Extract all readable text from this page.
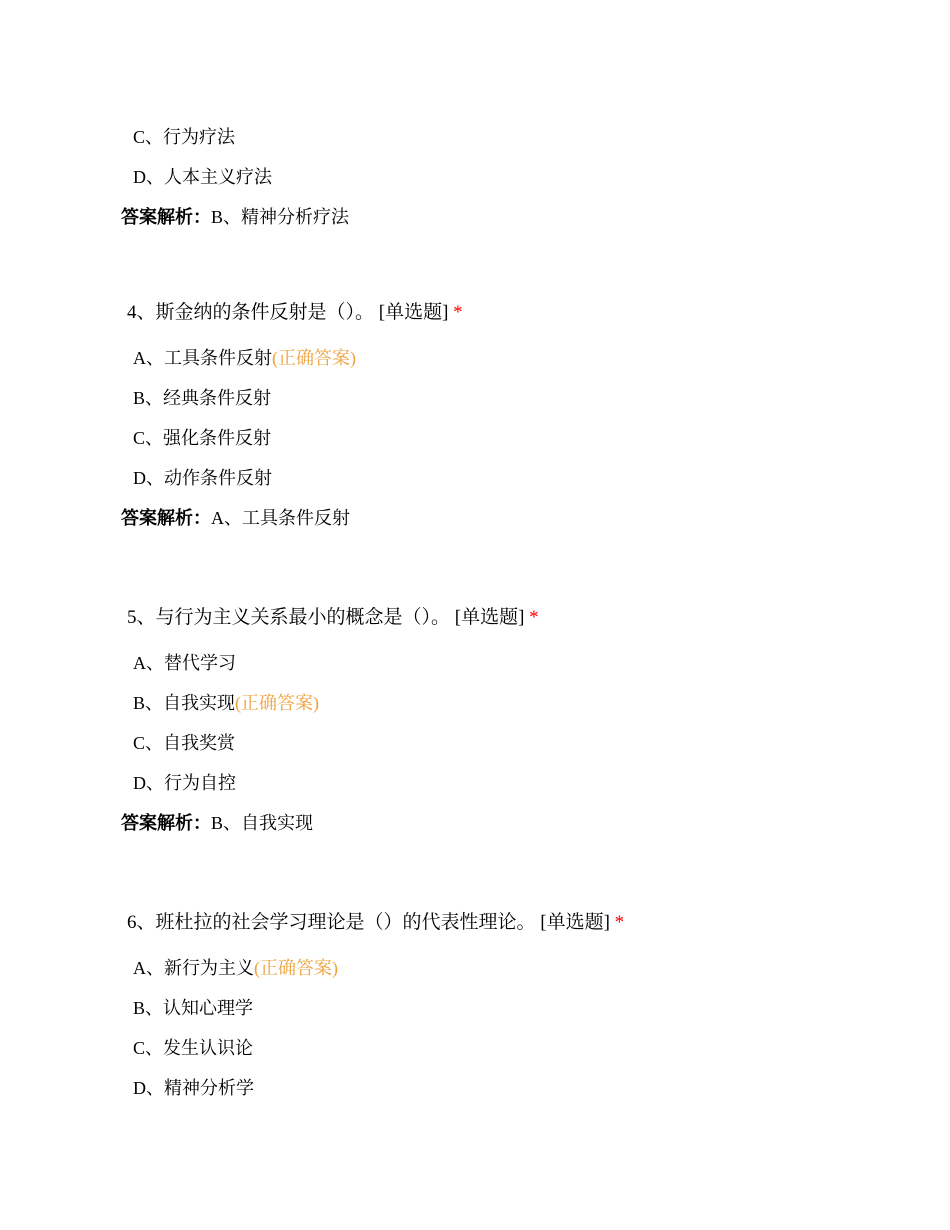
C、行为疗法
D、人本主义疗法
答案解析：B、精神分析疗法
4、斯金纳的条件反射是（）。 [单选题] *
A、工具条件反射(正确答案)
B、经典条件反射
C、强化条件反射
D、动作条件反射
答案解析：A、工具条件反射
5、与行为主义关系最小的概念是（）。 [单选题] *
A、替代学习
B、自我实现(正确答案)
C、自我奖赏
D、行为自控
答案解析：B、自我实现
6、班杜拉的社会学习理论是（）的代表性理论。 [单选题] *
A、新行为主义(正确答案)
B、认知心理学
C、发生认识论
D、精神分析学
